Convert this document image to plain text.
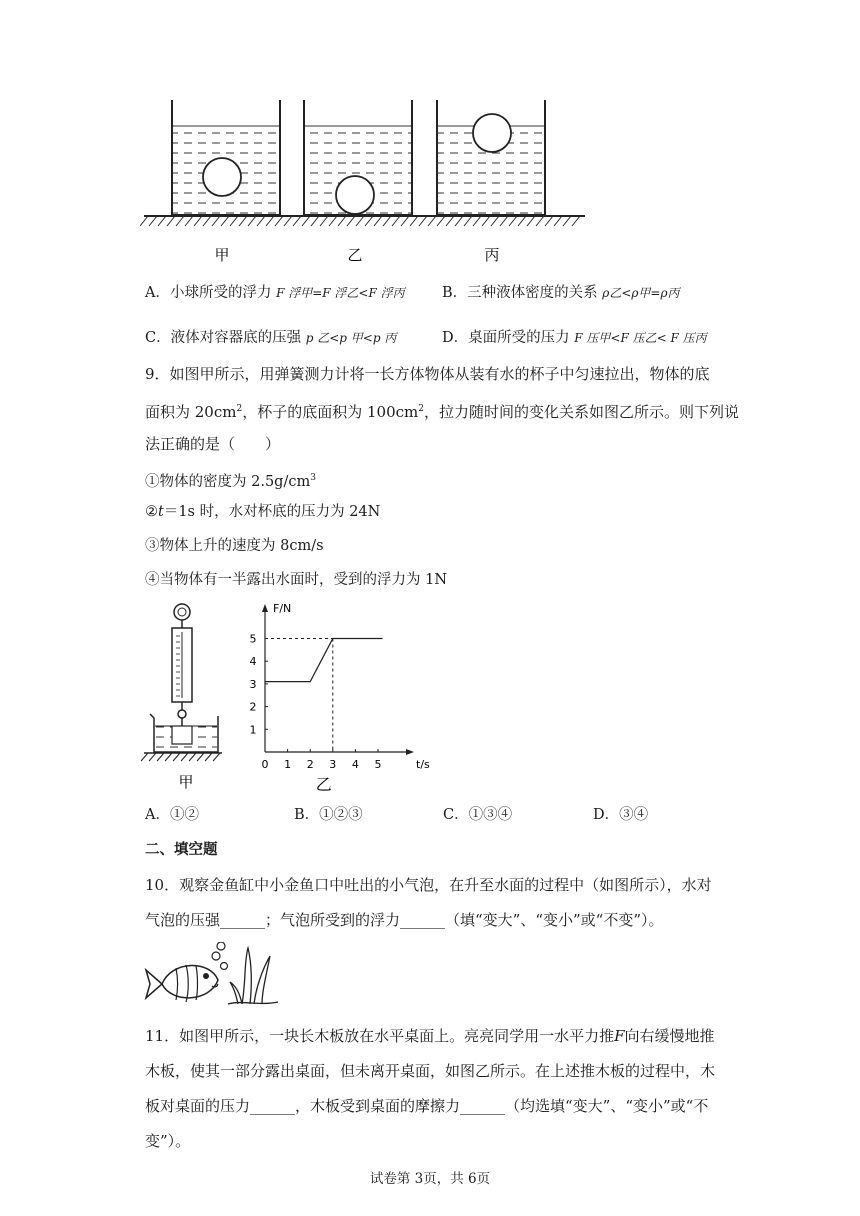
甲	乙	丙
A．小球所受的浮力 F 浮甲=F 浮乙<F 浮丙	B．三种液体密度的关系 ρ乙<ρ甲=ρ丙
C．液体对容器底的压强 p 乙<p 甲<p 丙	D．桌面所受的压力 F 压甲<F 压乙< F 压丙
9．如图甲所示，用弹簧测力计将一长方体物体从装有水的杯子中匀速拉出，物体的底
面积为 $20cm^2$，杯子的底面积为 $100cm^2$，拉力随时间的变化关系如图乙所示。则下列说
法正确的是（　　）
①物体的密度为 $2.5g/cm^3$
②t＝1s 时，水对杯底的压力为 24N
③物体上升的速度为 8cm/s
④当物体有一半露出水面时，受到的浮力为 1N
甲
F/N
t/s
0 1 2 3 4 5
1
2
3
4
5
乙
A．①②	B．①②③	C．①③④	D．③④
二、填空题
10．观察金鱼缸中小金鱼口中吐出的小气泡，在升至水面的过程中（如图所示），水对
气泡的压强______；气泡所受到的浮力______（填“变大”、“变小”或“不变”）。
11．如图甲所示，一块长木板放在水平桌面上。亮亮同学用一水平力推F向右缓慢地推
木板，使其一部分露出桌面，但未离开桌面，如图乙所示。在上述推木板的过程中，木
板对桌面的压力______，木板受到桌面的摩擦力______（均选填“变大”、“变小”或“不
变”）。
试卷第 3页，共 6页
